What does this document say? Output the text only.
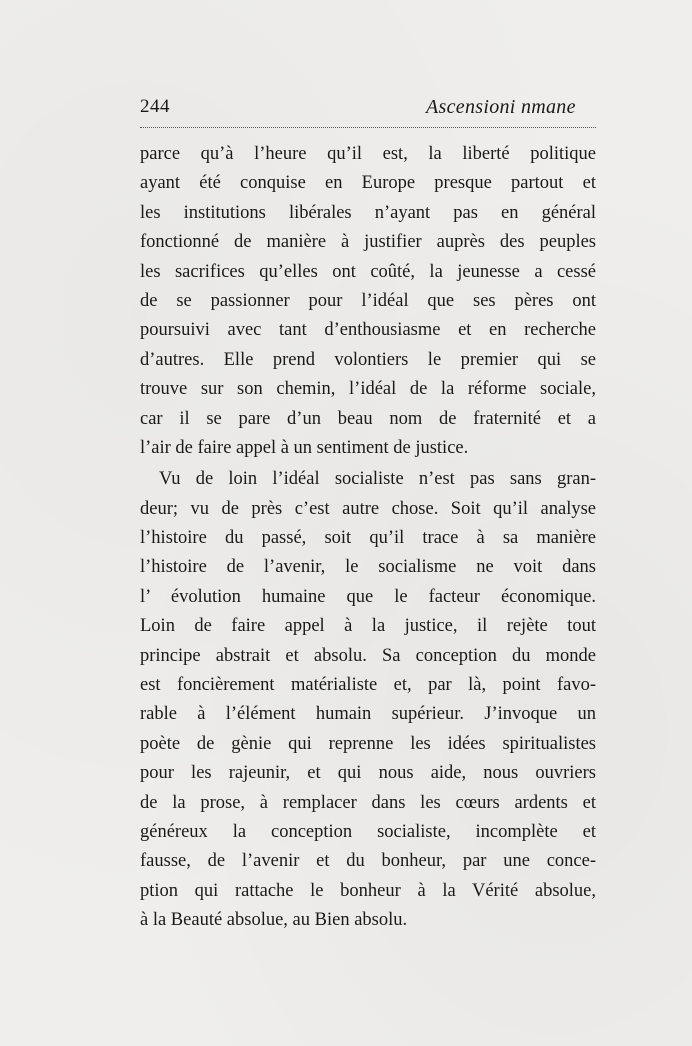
244	Ascensioni nmane
parce qu’à l’heure qu’il est, la liberté politique
ayant été conquise en Europe presque partout et
les institutions libérales n’ayant pas en général
fonctionné de manière à justifier auprès des peuples
les sacrifices qu’elles ont coûté, la jeunesse a cessé
de se passionner pour l’idéal que ses pères ont
poursuivi avec tant d’enthousiasme et en recherche
d’autres. Elle prend volontiers le premier qui se
trouve sur son chemin, l’idéal de la réforme sociale,
car il se pare d’un beau nom de fraternité et a
l’air de faire appel à un sentiment de justice.
Vu de loin l’idéal socialiste n’est pas sans gran-
deur; vu de près c’est autre chose. Soit qu’il analyse
l’histoire du passé, soit qu’il trace à sa manière
l’histoire de l’avenir, le socialisme ne voit dans
l’ évolution humaine que le facteur économique.
Loin de faire appel à la justice, il rejète tout
principe abstrait et absolu. Sa conception du monde
est foncièrement matérialiste et, par là, point favo-
rable à l’élément humain supérieur. J’invoque un
poète de gènie qui reprenne les idées spiritualistes
pour les rajeunir, et qui nous aide, nous ouvriers
de la prose, à remplacer dans les cœurs ardents et
généreux la conception socialiste, incomplète et
fausse, de l’avenir et du bonheur, par une conce-
ption qui rattache le bonheur à la Vérité absolue,
à la Beauté absolue, au Bien absolu.
